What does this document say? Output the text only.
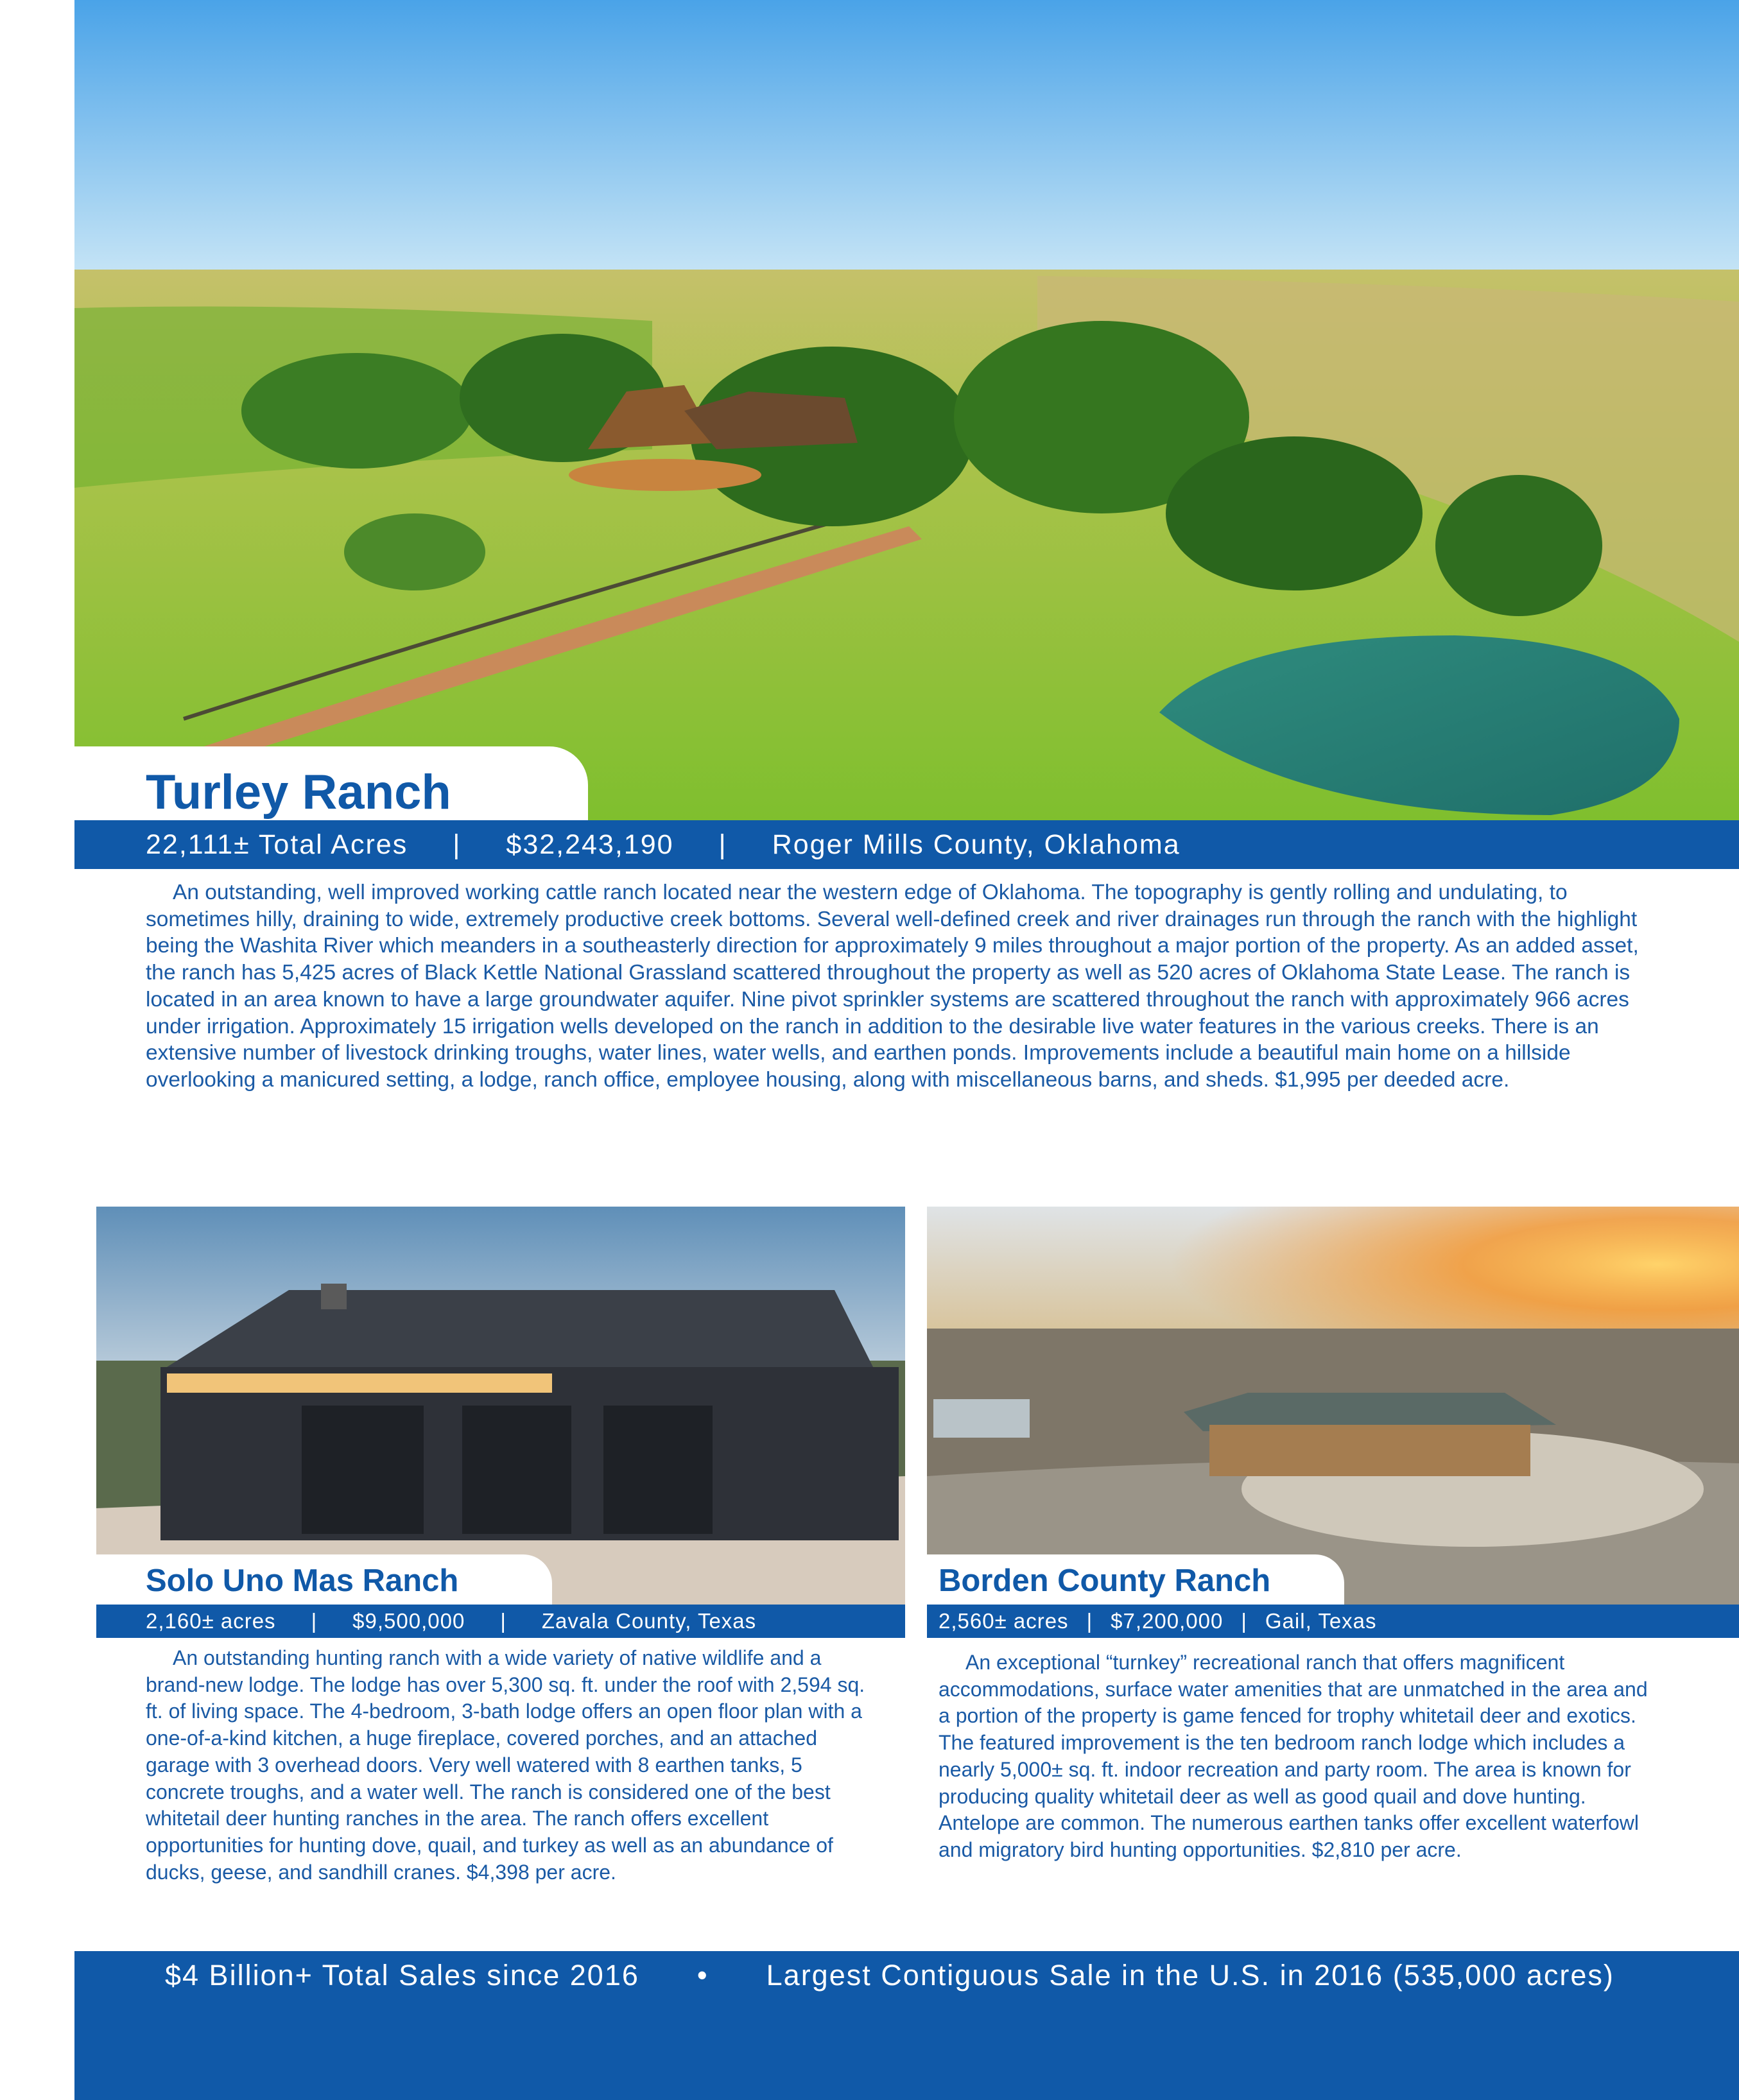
Turley Ranch
22,111± Total Acres | $32,243,190 | Roger Mills County, Oklahoma

An outstanding, well improved working cattle ranch located near the western edge of Oklahoma. The topography is gently rolling and undulating, to sometimes hilly, draining to wide, extremely productive creek bottoms. Several well-defined creek and river drainages run through the ranch with the highlight being the Washita River which meanders in a southeasterly direction for approximately 9 miles throughout a major portion of the property. As an added asset, the ranch has 5,425 acres of Black Kettle National Grassland scattered throughout the property as well as 520 acres of Oklahoma State Lease. The ranch is located in an area known to have a large groundwater aquifer. Nine pivot sprinkler systems are scattered throughout the ranch with approximately 966 acres under irrigation. Approximately 15 irrigation wells developed on the ranch in addition to the desirable live water features in the various creeks. There is an extensive number of livestock drinking troughs, water lines, water wells, and earthen ponds. Improvements include a beautiful main home on a hillside overlooking a manicured setting, a lodge, ranch office, employee housing, along with miscellaneous barns, and sheds. $1,995 per deeded acre.

Solo Uno Mas Ranch
2,160± acres | $9,500,000 | Zavala County, Texas

An outstanding hunting ranch with a wide variety of native wildlife and a brand-new lodge. The lodge has over 5,300 sq. ft. under the roof with 2,594 sq. ft. of living space. The 4-bedroom, 3-bath lodge offers an open floor plan with a one-of-a-kind kitchen, a huge fireplace, covered porches, and an attached garage with 3 overhead doors. Very well watered with 8 earthen tanks, 5 concrete troughs, and a water well. The ranch is considered one of the best whitetail deer hunting ranches in the area. The ranch offers excellent opportunities for hunting dove, quail, and turkey as well as an abundance of ducks, geese, and sandhill cranes. $4,398 per acre.

Borden County Ranch
2,560± acres | $7,200,000 | Gail, Texas

An exceptional “turnkey” recreational ranch that offers magnificent accommodations, surface water amenities that are unmatched in the area and a portion of the property is game fenced for trophy whitetail deer and exotics. The featured improvement is the ten bedroom ranch lodge which includes a nearly 5,000± sq. ft. indoor recreation and party room. The area is known for producing quality whitetail deer as well as good quail and dove hunting. Antelope are common. The numerous earthen tanks offer excellent waterfowl and migratory bird hunting opportunities. $2,810 per acre.

$4 Billion+ Total Sales since 2016 • Largest Contiguous Sale in the U.S. in 2016 (535,000 acres)
